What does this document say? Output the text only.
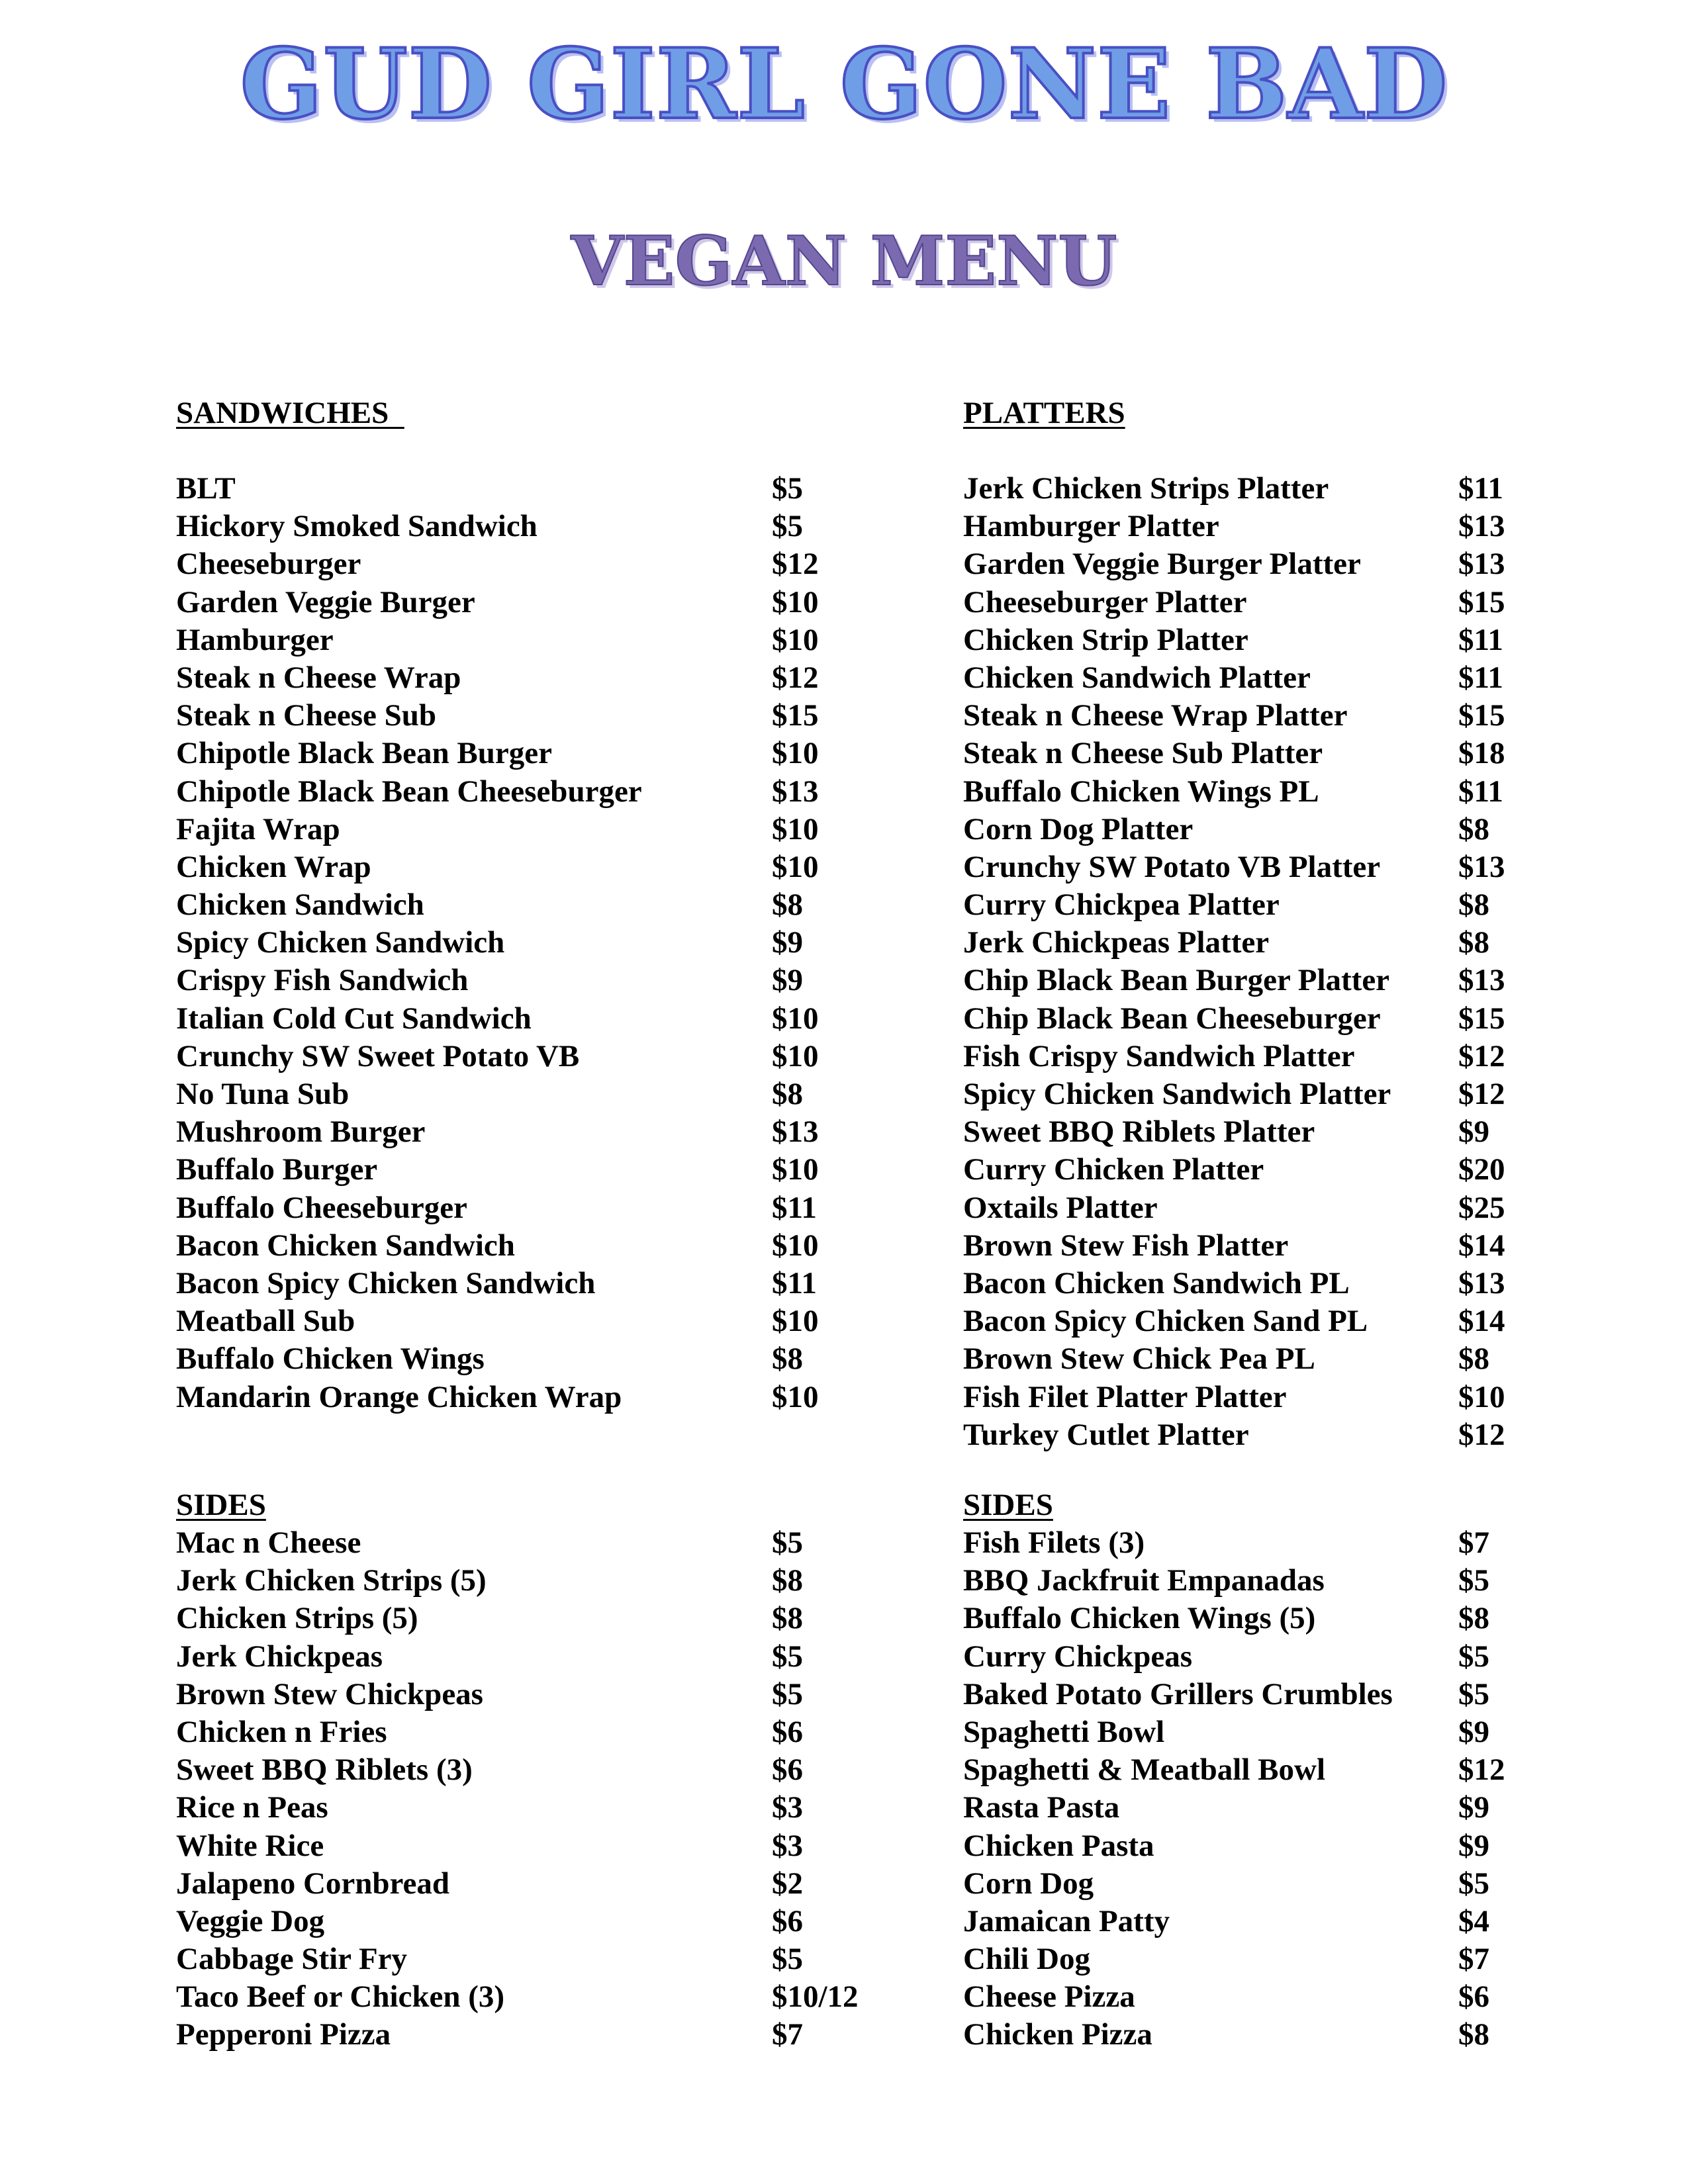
GUD GIRL GONE BAD
VEGAN MENU
SANDWICHES
BLT	$5
Hickory Smoked Sandwich	$5
Cheeseburger	$12
Garden Veggie Burger	$10
Hamburger	$10
Steak n Cheese Wrap	$12
Steak n Cheese Sub	$15
Chipotle Black Bean Burger	$10
Chipotle Black Bean Cheeseburger	$13
Fajita Wrap	$10
Chicken Wrap	$10
Chicken Sandwich	$8
Spicy Chicken Sandwich	$9
Crispy Fish Sandwich	$9
Italian Cold Cut Sandwich	$10
Crunchy SW Sweet Potato VB	$10
No Tuna Sub	$8
Mushroom Burger	$13
Buffalo Burger	$10
Buffalo Cheeseburger	$11
Bacon Chicken Sandwich	$10
Bacon Spicy Chicken Sandwich	$11
Meatball Sub	$10
Buffalo Chicken Wings	$8
Mandarin Orange Chicken Wrap	$10
PLATTERS
Jerk Chicken Strips Platter	$11
Hamburger Platter	$13
Garden Veggie Burger Platter	$13
Cheeseburger Platter	$15
Chicken Strip Platter	$11
Chicken Sandwich Platter	$11
Steak n Cheese Wrap Platter	$15
Steak n Cheese Sub Platter	$18
Buffalo Chicken Wings PL	$11
Corn Dog Platter	$8
Crunchy SW Potato VB Platter	$13
Curry Chickpea Platter	$8
Jerk Chickpeas Platter	$8
Chip Black Bean Burger Platter $13
Chip Black Bean Cheeseburger $15
Fish Crispy Sandwich Platter	$12
Spicy Chicken Sandwich Platter $12
Sweet BBQ Riblets Platter	$9
Curry Chicken Platter	$20
Oxtails Platter	$25
Brown Stew Fish Platter	$14
Bacon Chicken Sandwich PL	$13
Bacon Spicy Chicken Sand PL	$14
Brown Stew Chick Pea PL	$8
Fish Filet Platter Platter	$10
Turkey Cutlet Platter	$12
SIDES
Mac n Cheese	$5
Jerk Chicken Strips (5)	$8
Chicken Strips (5)	$8
Jerk Chickpeas	$5
Brown Stew Chickpeas	$5
Chicken n Fries	$6
Sweet BBQ Riblets (3)	$6
Rice n Peas	$3
White Rice	$3
Jalapeno Cornbread	$2
Veggie Dog	$6
Cabbage Stir Fry	$5
Taco Beef or Chicken (3)	$10/12
Pepperoni Pizza	$7
SIDES
Fish Filets (3)	$7
BBQ Jackfruit Empanadas	$5
Buffalo Chicken Wings (5)	$8
Curry Chickpeas	$5
Baked Potato Grillers Crumbles $5
Spaghetti Bowl	$9
Spaghetti & Meatball Bowl	$12
Rasta Pasta	$9
Chicken Pasta	$9
Corn Dog	$5
Jamaican Patty	$4
Chili Dog	$7
Cheese Pizza	$6
Chicken Pizza	$8
